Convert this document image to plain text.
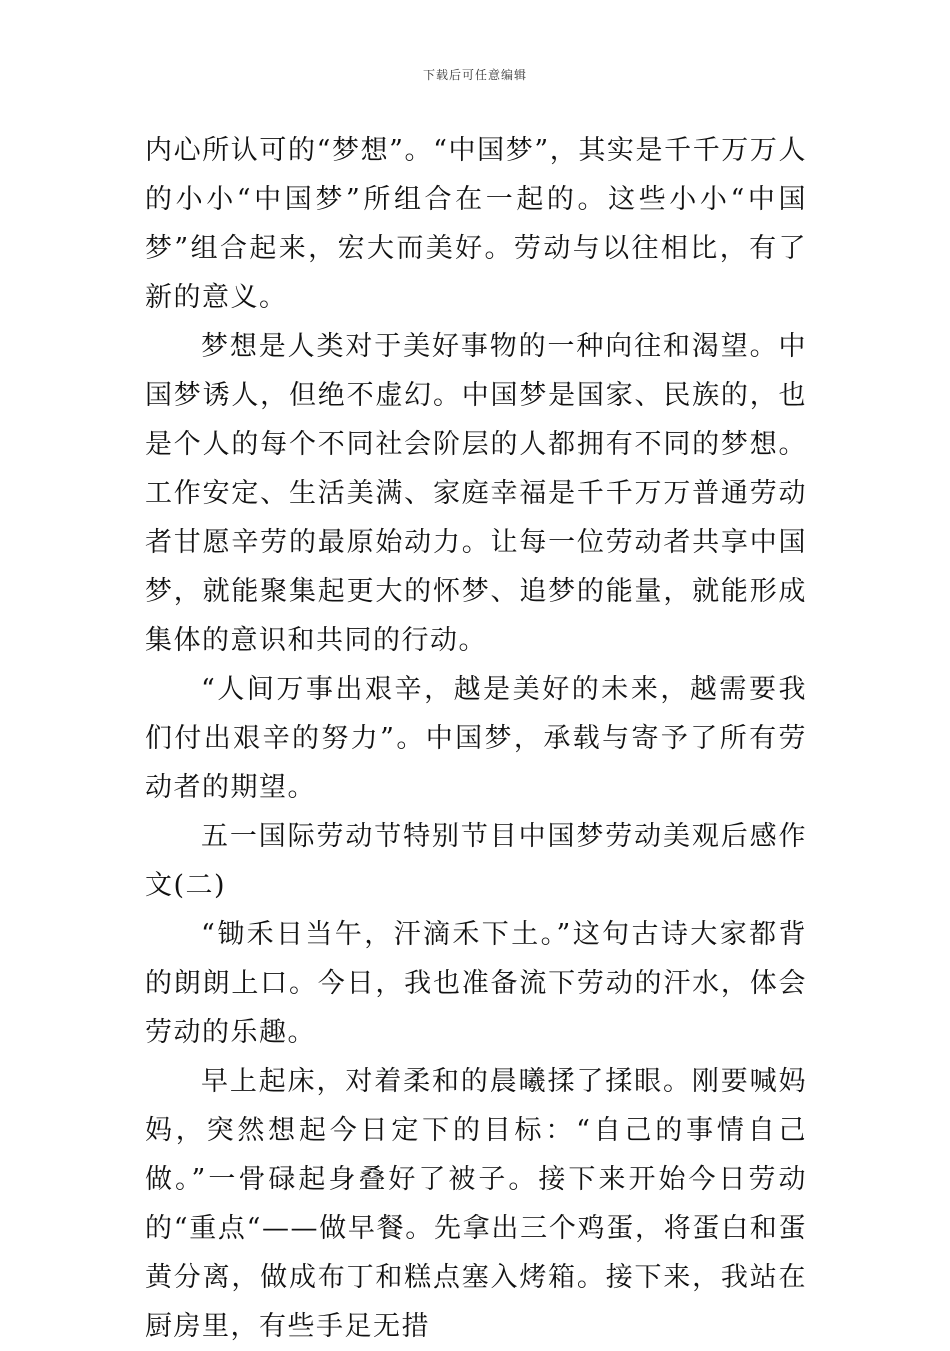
下载后可任意编辑

内心所认可的“梦想”。“中国梦”，其实是千千万万人的小小“中国梦”所组合在一起的。这些小小“中国梦”组合起来，宏大而美好。劳动与以往相比，有了新的意义。

梦想是人类对于美好事物的一种向往和渴望。中国梦诱人，但绝不虚幻。中国梦是国家、民族的，也是个人的每个不同社会阶层的人都拥有不同的梦想。工作安定、生活美满、家庭幸福是千千万万普通劳动者甘愿辛劳的最原始动力。让每一位劳动者共享中国梦，就能聚集起更大的怀梦、追梦的能量，就能形成集体的意识和共同的行动。

“人间万事出艰辛，越是美好的未来，越需要我们付出艰辛的努力”。中国梦，承载与寄予了所有劳动者的期望。

五一国际劳动节特别节目中国梦劳动美观后感作文(二)

“锄禾日当午，汗滴禾下土。”这句古诗大家都背的朗朗上口。今日，我也准备流下劳动的汗水，体会劳动的乐趣。

早上起床，对着柔和的晨曦揉了揉眼。刚要喊妈妈，突然想起今日定下的目标：“自己的事情自己做。”一骨碌起身叠好了被子。接下来开始今日劳动的“重点“——做早餐。先拿出三个鸡蛋，将蛋白和蛋黄分离，做成布丁和糕点塞入烤箱。接下来，我站在厨房里，有些手足无措
